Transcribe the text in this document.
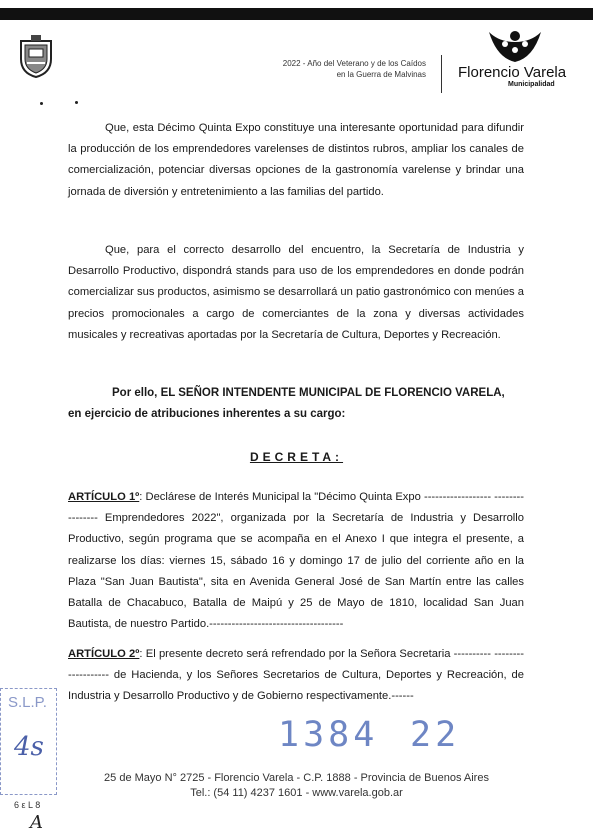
2022 - Año del Veterano y de los Caídos
en la Guerra de Malvinas Florencio Varela
Municipalidad

Que, esta Décimo Quinta Expo constituye una interesante oportunidad para difundir la producción de los emprendedores varelenses de distintos rubros, ampliar los canales de comercialización, potenciar diversas opciones de la gastronomía varelense y brindar una jornada de diversión y entretenimiento a las familias del partido.

Que, para el correcto desarrollo del encuentro, la Secretaría de Industria y Desarrollo Productivo, dispondrá stands para uso de los emprendedores en donde podrán comercializar sus productos, asimismo se desarrollará un patio gastronómico con menúes a precios promocionales a cargo de comerciantes de la zona y diversas actividades musicales y recreativas aportadas por la Secretaría de Cultura, Deportes y Recreación.

Por ello, EL SEÑOR INTENDENTE MUNICIPAL DE FLORENCIO VARELA,

en ejercicio de atribuciones inherentes a su cargo:

DECRETA:

ARTÍCULO 1º: Declárese de Interés Municipal la "Décimo Quinta Expo ------------------ ---------------- Emprendedores 2022", organizada por la Secretaría de Industria y Desarrollo Productivo, según programa que se acompaña en el Anexo I que integra el presente, a realizarse los días: viernes 15, sábado 16 y domingo 17 de julio del corriente año en la Plaza "San Juan Bautista", sita en Avenida General José de San Martín entre las calles Batalla de Chacabuco, Batalla de Maipú y 25 de Mayo de 1810, localidad San Juan Bautista, de nuestro Partido.------------------------------------

ARTÍCULO 2º: El presente decreto será refrendado por la Señora Secretaria ---------- ------------------- de Hacienda, y los Señores Secretarios de Cultura, Deportes y Recreación, de Industria y Desarrollo Productivo y de Gobierno respectivamente.------

S.L.P.
4s
6 ε L 8
A
1384 22
25 de Mayo N° 2725 - Florencio Varela - C.P. 1888 - Provincia de Buenos Aires
Tel.: (54 11) 4237 1601 - www.varela.gob.ar
